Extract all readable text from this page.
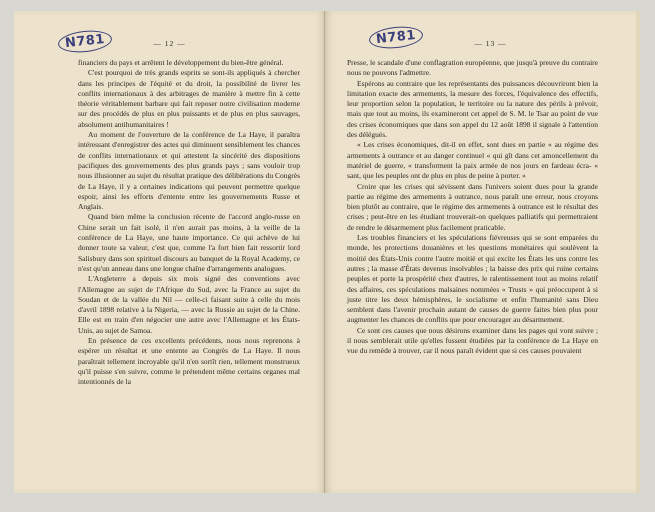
N781	— 12 —

financiers du pays et arrêtent le développement du bien-être général.

C'est pourquoi de très grands esprits se sont-ils appliqués à chercher dans les principes de l'équité et du droit, la possibilité de livrer les conflits internationaux à des arbitrages de manière à mettre fin à cette théorie véritablement barbare qui fait reposer notre civilisation moderne sur des procédés de plus en plus puissants et de plus en plus sauvages, absolument antihumanitaires !

Au moment de l'ouverture de la conférence de La Haye, il paraîtra intéressant d'enregistrer des actes qui diminuent sensiblement les chances de conflits internationaux et qui attestent la sincérité des dispositions pacifiques des gouvernements des plus grands pays ; sans vouloir trop nous illusionner au sujet du résultat pratique des délibérations du Congrès de La Haye, il y a certaines indications qui peuvent permettre quelque espoir, ainsi les efforts d'entente entre les gouvernements Russe et Anglais.

Quand bien même la conclusion récente de l'accord anglo-russe en Chine serait un fait isolé, il n'en aurait pas moins, à la veille de la conférence de La Haye, une haute importance. Ce qui achève de lui donner toute sa valeur, c'est que, comme l'a fort bien fait ressortir lord Salisbury dans son spirituel discours au banquet de la Royal Academy, ce n'est qu'un anneau dans une longue chaîne d'arrangements analogues.

L'Angleterre a depuis six mois signé des conventions avec l'Allemagne au sujet de l'Afrique du Sud, avec la France au sujet du Soudan et de la vallée du Nil — celle-ci faisant suite à celle du mois d'avril 1898 relative à la Nigeria, — avec la Russie au sujet de la Chine. Elle est en train d'en négocier une autre avec l'Allemagne et les États-Unis, au sujet de Samoa.

En présence de ces excellents précédents, nous nous reprenons à espérer un résultat et une entente au Congrès de La Haye. Il nous paraîtrait tellement incroyable qu'il n'en sortît rien, tellement monstrueux qu'il puisse s'en suivre, comme le prétendent même certains organes mal intentionnés de la

N781	— 13 —

Presse, le scandale d'une conflagration européenne, que jusqu'à preuve du contraire nous ne pouvons l'admettre.

Espérons au contraire que les représentants des puissances découvriront bien la limitation exacte des armements, la mesure des forces, l'équivalence des effectifs, leur proportion selon la population, le territoire ou la nature des périls à prévoir, mais que tout au moins, ils examineront cet appel de S. M. le Tsar au point de vue des crises économiques que dans son appel du 12 août 1898 il signale à l'attention des délégués.

« Les crises économiques, dit-il en effet, sont dues en partie « au régime des armements à outrance et au danger continuel « qui gît dans cet amoncellement du matériel de guerre, « transforment la paix armée de nos jours en fardeau écra- « sant, que les peuples ont de plus en plus de peine à porter. »

Croire que les crises qui sévissent dans l'univers soient dues pour la grande partie au régime des armements à outrance, nous paraît une erreur, nous croyons bien plutôt au contraire, que le régime des armements à outrance est le résultat des crises ; peut-être en les étudiant trouverait-on quelques palliatifs qui permettraient de rendre le désarmement plus facilement praticable.

Les troubles financiers et les spéculations fiévreuses qui se sont emparées du monde, les protections douanières et les questions monétaires qui soulèvent la moitié des États-Unis contre l'autre moitié et qui excite les États les uns contre les autres ; la masse d'États devenus insolvables ; la baisse des prix qui ruine certains peuples et porte la prospérité chez d'autres, le ralentissement tout au moins relatif des affaires, ces spéculations malsaines nommées « Trusts » qui préoccupent à si juste titre les deux hémisphères, le socialisme et enfin l'humanité sans Dieu semblent dans l'avenir prochain autant de causes de guerre faites bien plus pour augmenter les chances de conflits que pour encourager au désarmement.

Ce sont ces causes que nous désirons examiner dans les pages qui vont suivre ; il nous semblerait utile qu'elles fussent étudiées par la conférence de La Haye en vue du remède à trouver, car il nous paraît évident que si ces causes pouvaient
